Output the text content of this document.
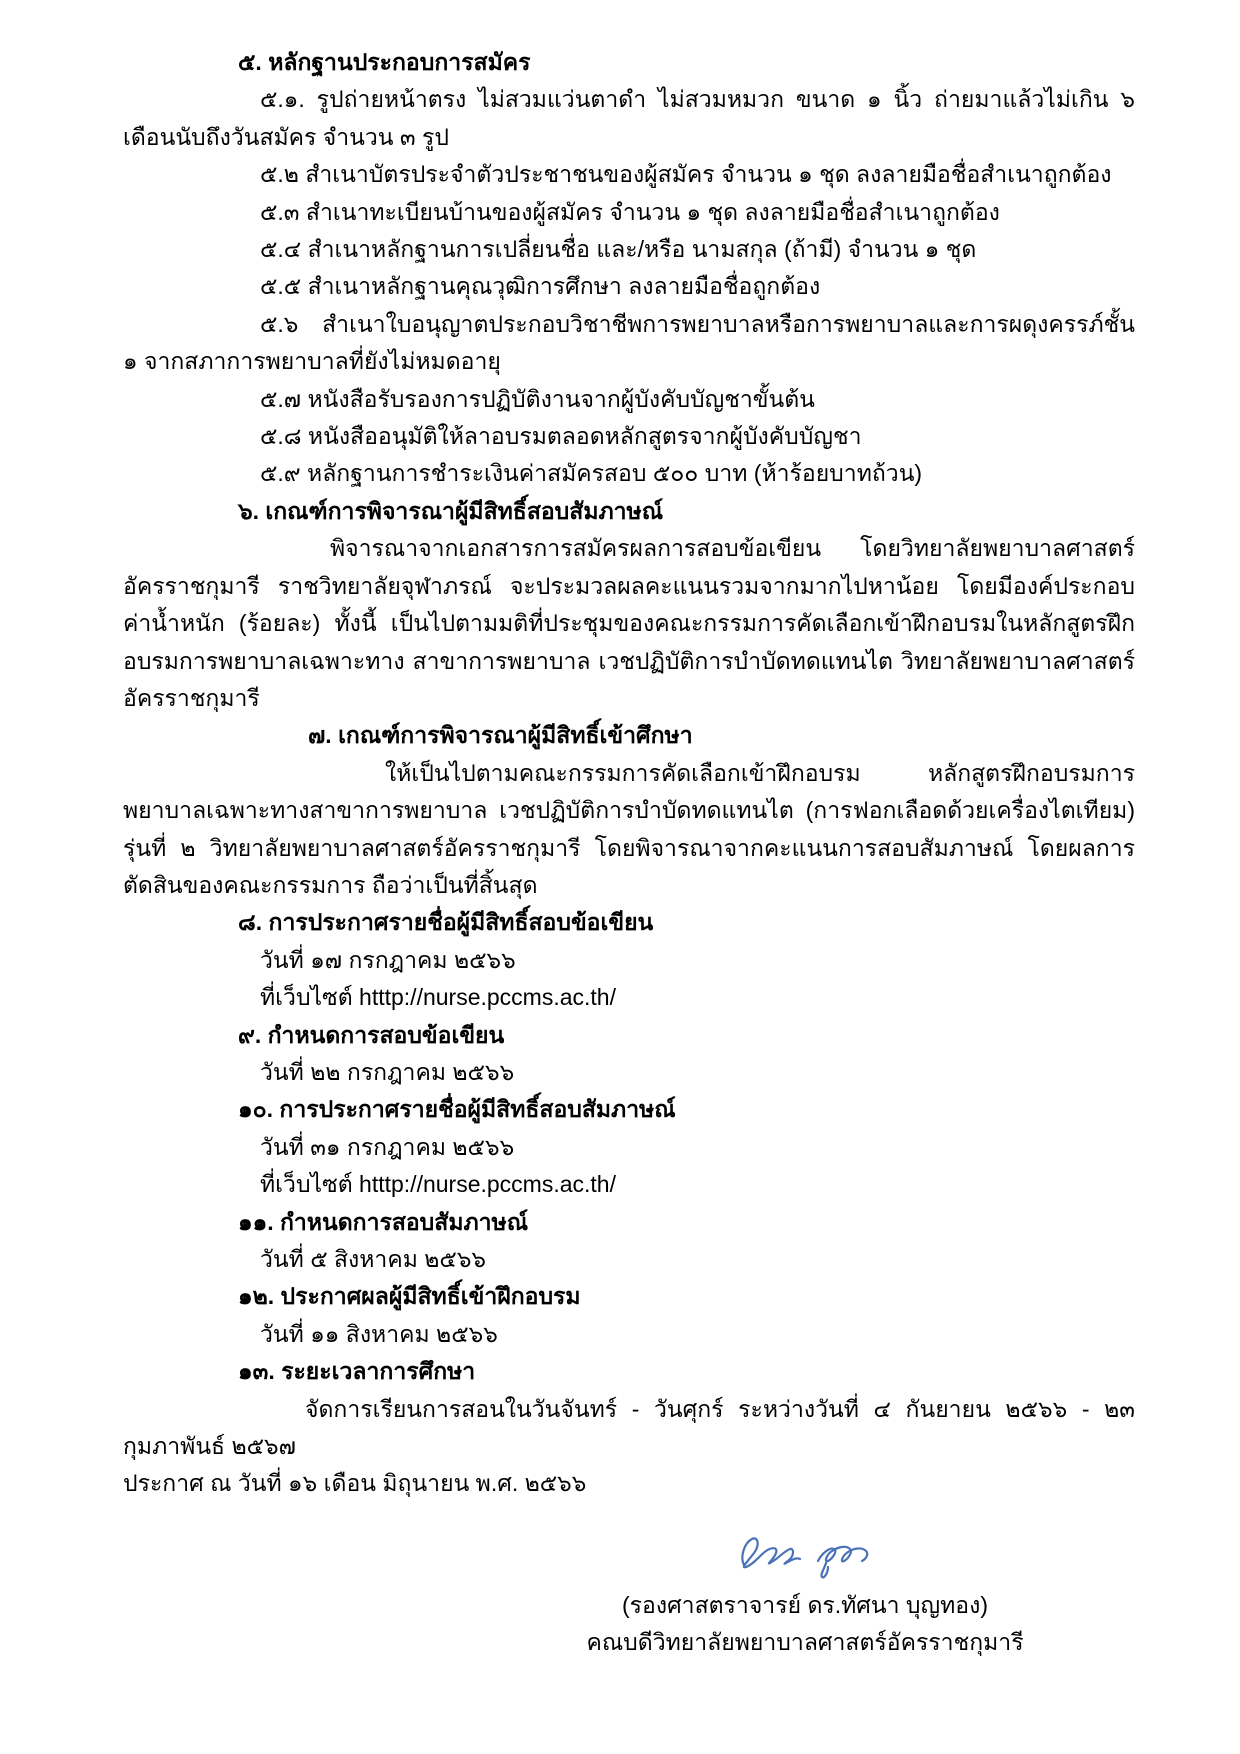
๕. หลักฐานประกอบการสมัคร

๕.๑. รูปถ่ายหน้าตรง ไม่สวมแว่นตาดำ ไม่สวมหมวก ขนาด ๑ นิ้ว ถ่ายมาแล้วไม่เกิน ๖ เดือนนับถึงวันสมัคร จำนวน ๓ รูป

๕.๒ สำเนาบัตรประจำตัวประชาชนของผู้สมัคร จำนวน ๑ ชุด ลงลายมือชื่อสำเนาถูกต้อง

๕.๓ สำเนาทะเบียนบ้านของผู้สมัคร จำนวน ๑ ชุด ลงลายมือชื่อสำเนาถูกต้อง

๕.๔ สำเนาหลักฐานการเปลี่ยนชื่อ และ/หรือ นามสกุล (ถ้ามี) จำนวน ๑ ชุด

๕.๕ สำเนาหลักฐานคุณวุฒิการศึกษา ลงลายมือชื่อถูกต้อง

๕.๖ สำเนาใบอนุญาตประกอบวิชาชีพการพยาบาลหรือการพยาบาลและการผดุงครรภ์ชั้น ๑ จากสภาการพยาบาลที่ยังไม่หมดอายุ

๕.๗ หนังสือรับรองการปฏิบัติงานจากผู้บังคับบัญชาขั้นต้น

๕.๘ หนังสืออนุมัติให้ลาอบรมตลอดหลักสูตรจากผู้บังคับบัญชา

๕.๙ หลักฐานการชำระเงินค่าสมัครสอบ ๕๐๐ บาท (ห้าร้อยบาทถ้วน)

๖. เกณฑ์การพิจารณาผู้มีสิทธิ์สอบสัมภาษณ์

พิจารณาจากเอกสารการสมัครผลการสอบข้อเขียน โดยวิทยาลัยพยาบาลศาสตร์อัครราชกุมารี ราชวิทยาลัยจุฬาภรณ์ จะประมวลผลคะแนนรวมจากมากไปหาน้อย โดยมีองค์ประกอบ ค่าน้ำหนัก (ร้อยละ) ทั้งนี้ เป็นไปตามมติที่ประชุมของคณะกรรมการคัดเลือกเข้าฝึกอบรมในหลักสูตรฝึกอบรมการพยาบาลเฉพาะทาง สาขาการพยาบาล เวชปฏิบัติการบำบัดทดแทนไต วิทยาลัยพยาบาลศาสตร์อัครราชกุมารี

๗. เกณฑ์การพิจารณาผู้มีสิทธิ์เข้าศึกษา

ให้เป็นไปตามคณะกรรมการคัดเลือกเข้าฝึกอบรม หลักสูตรฝึกอบรมการพยาบาลเฉพาะทางสาขาการพยาบาล เวชปฏิบัติการบำบัดทดแทนไต (การฟอกเลือดด้วยเครื่องไตเทียม) รุ่นที่ ๒ วิทยาลัยพยาบาลศาสตร์อัครราชกุมารี โดยพิจารณาจากคะแนนการสอบสัมภาษณ์ โดยผลการตัดสินของคณะกรรมการ ถือว่าเป็นที่สิ้นสุด

๘. การประกาศรายชื่อผู้มีสิทธิ์สอบข้อเขียน

วันที่ ๑๗ กรกฎาคม ๒๕๖๖

ที่เว็บไซต์ htttp://nurse.pccms.ac.th/

๙. กำหนดการสอบข้อเขียน

วันที่ ๒๒ กรกฎาคม ๒๕๖๖

๑๐. การประกาศรายชื่อผู้มีสิทธิ์สอบสัมภาษณ์

วันที่ ๓๑ กรกฎาคม ๒๕๖๖

ที่เว็บไซต์ htttp://nurse.pccms.ac.th/

๑๑. กำหนดการสอบสัมภาษณ์

วันที่ ๕ สิงหาคม ๒๕๖๖

๑๒. ประกาศผลผู้มีสิทธิ์เข้าฝึกอบรม

วันที่ ๑๑ สิงหาคม ๒๕๖๖

๑๓. ระยะเวลาการศึกษา

จัดการเรียนการสอนในวันจันทร์ - วันศุกร์ ระหว่างวันที่ ๔ กันยายน ๒๕๖๖ - ๒๓ กุมภาพันธ์ ๒๕๖๗

ประกาศ ณ วันที่ ๑๖ เดือน มิถุนายน พ.ศ. ๒๕๖๖

(รองศาสตราจารย์ ดร.ทัศนา บุญทอง)

คณบดีวิทยาลัยพยาบาลศาสตร์อัครราชกุมารี
